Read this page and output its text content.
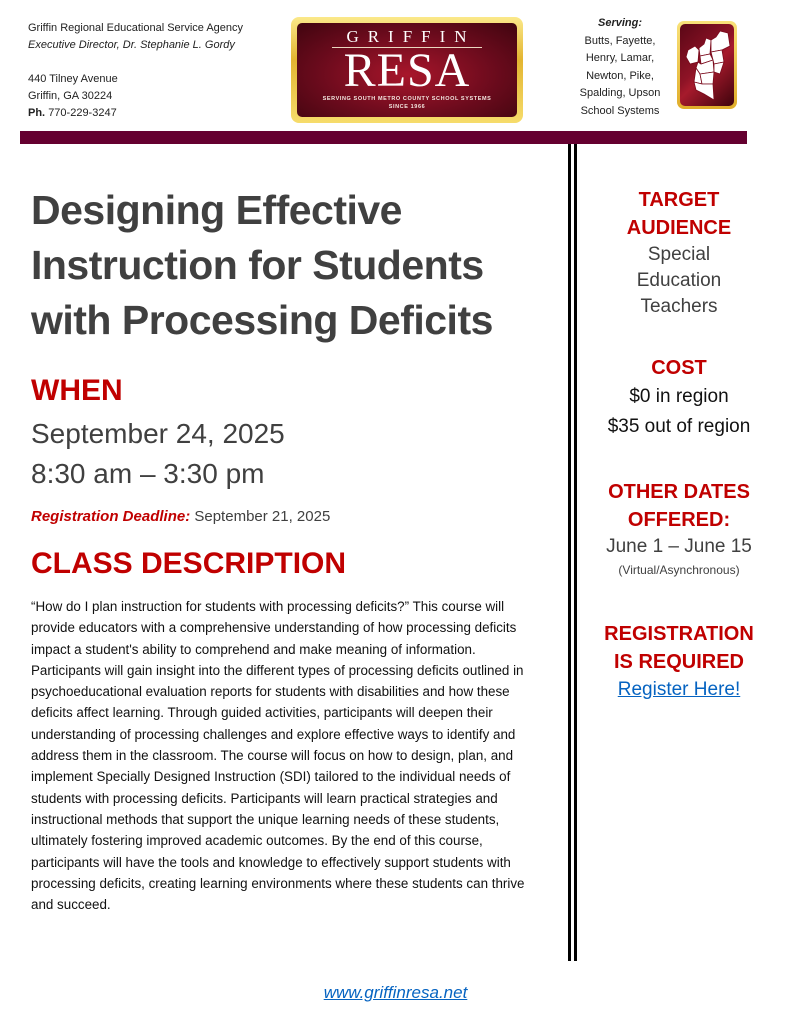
Griffin Regional Educational Service Agency
Executive Director, Dr. Stephanie L. Gordy
440 Tilney Avenue
Griffin, GA 30224
Ph. 770-229-3247
GRIFFIN
RESA
SERVING SOUTH METRO COUNTY SCHOOL SYSTEMS
SINCE 1966
Serving:
Butts, Fayette,
Henry, Lamar,
Newton, Pike,
Spalding, Upson
School Systems
Designing Effective Instruction for Students with Processing Deficits
WHEN
September 24, 2025
8:30 am – 3:30 pm
Registration Deadline: September 21, 2025
CLASS DESCRIPTION

“How do I plan instruction for students with processing deficits?” This course will provide educators with a comprehensive understanding of how processing deficits impact a student's ability to comprehend and make meaning of information. Participants will gain insight into the different types of processing deficits outlined in psychoeducational evaluation reports for students with disabilities and how these deficits affect learning. Through guided activities, participants will deepen their understanding of processing challenges and explore effective ways to identify and address them in the classroom. The course will focus on how to design, plan, and implement Specially Designed Instruction (SDI) tailored to the individual needs of students with processing deficits. Participants will learn practical strategies and instructional methods that support the unique learning needs of these students, ultimately fostering improved academic outcomes. By the end of this course, participants will have the tools and knowledge to effectively support students with processing deficits, creating learning environments where these students can thrive and succeed.

TARGET
AUDIENCE
Special
Education
Teachers
COST
$0 in region
$35 out of region
OTHER DATES
OFFERED:
June 1 – June 15
(Virtual/Asynchronous)
REGISTRATION
IS REQUIRED
Register Here!
www.griffinresa.net
